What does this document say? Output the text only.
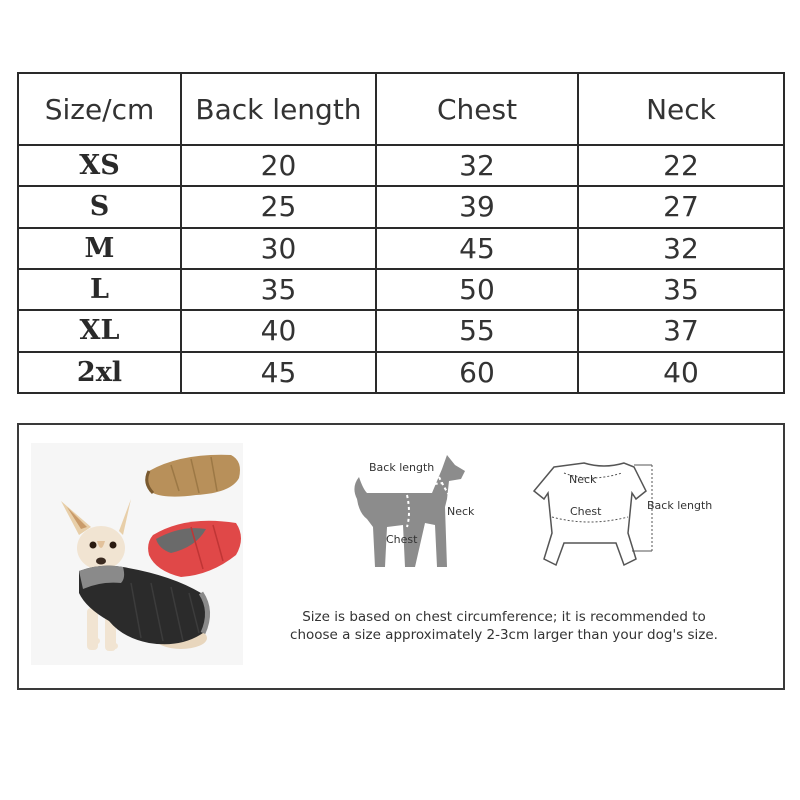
Size/cm	Back length	Chest	Neck
XS	20	32	22
S	25	39	27
M	30	45	32
L	35	50	35
XL	40	55	37
2xl	45	60	40
Back length
Neck
Chest
Neck
Chest	Back length
Size is based on chest circumference; it is recommended to
choose a size approximately 2-3cm larger than your dog's size.
